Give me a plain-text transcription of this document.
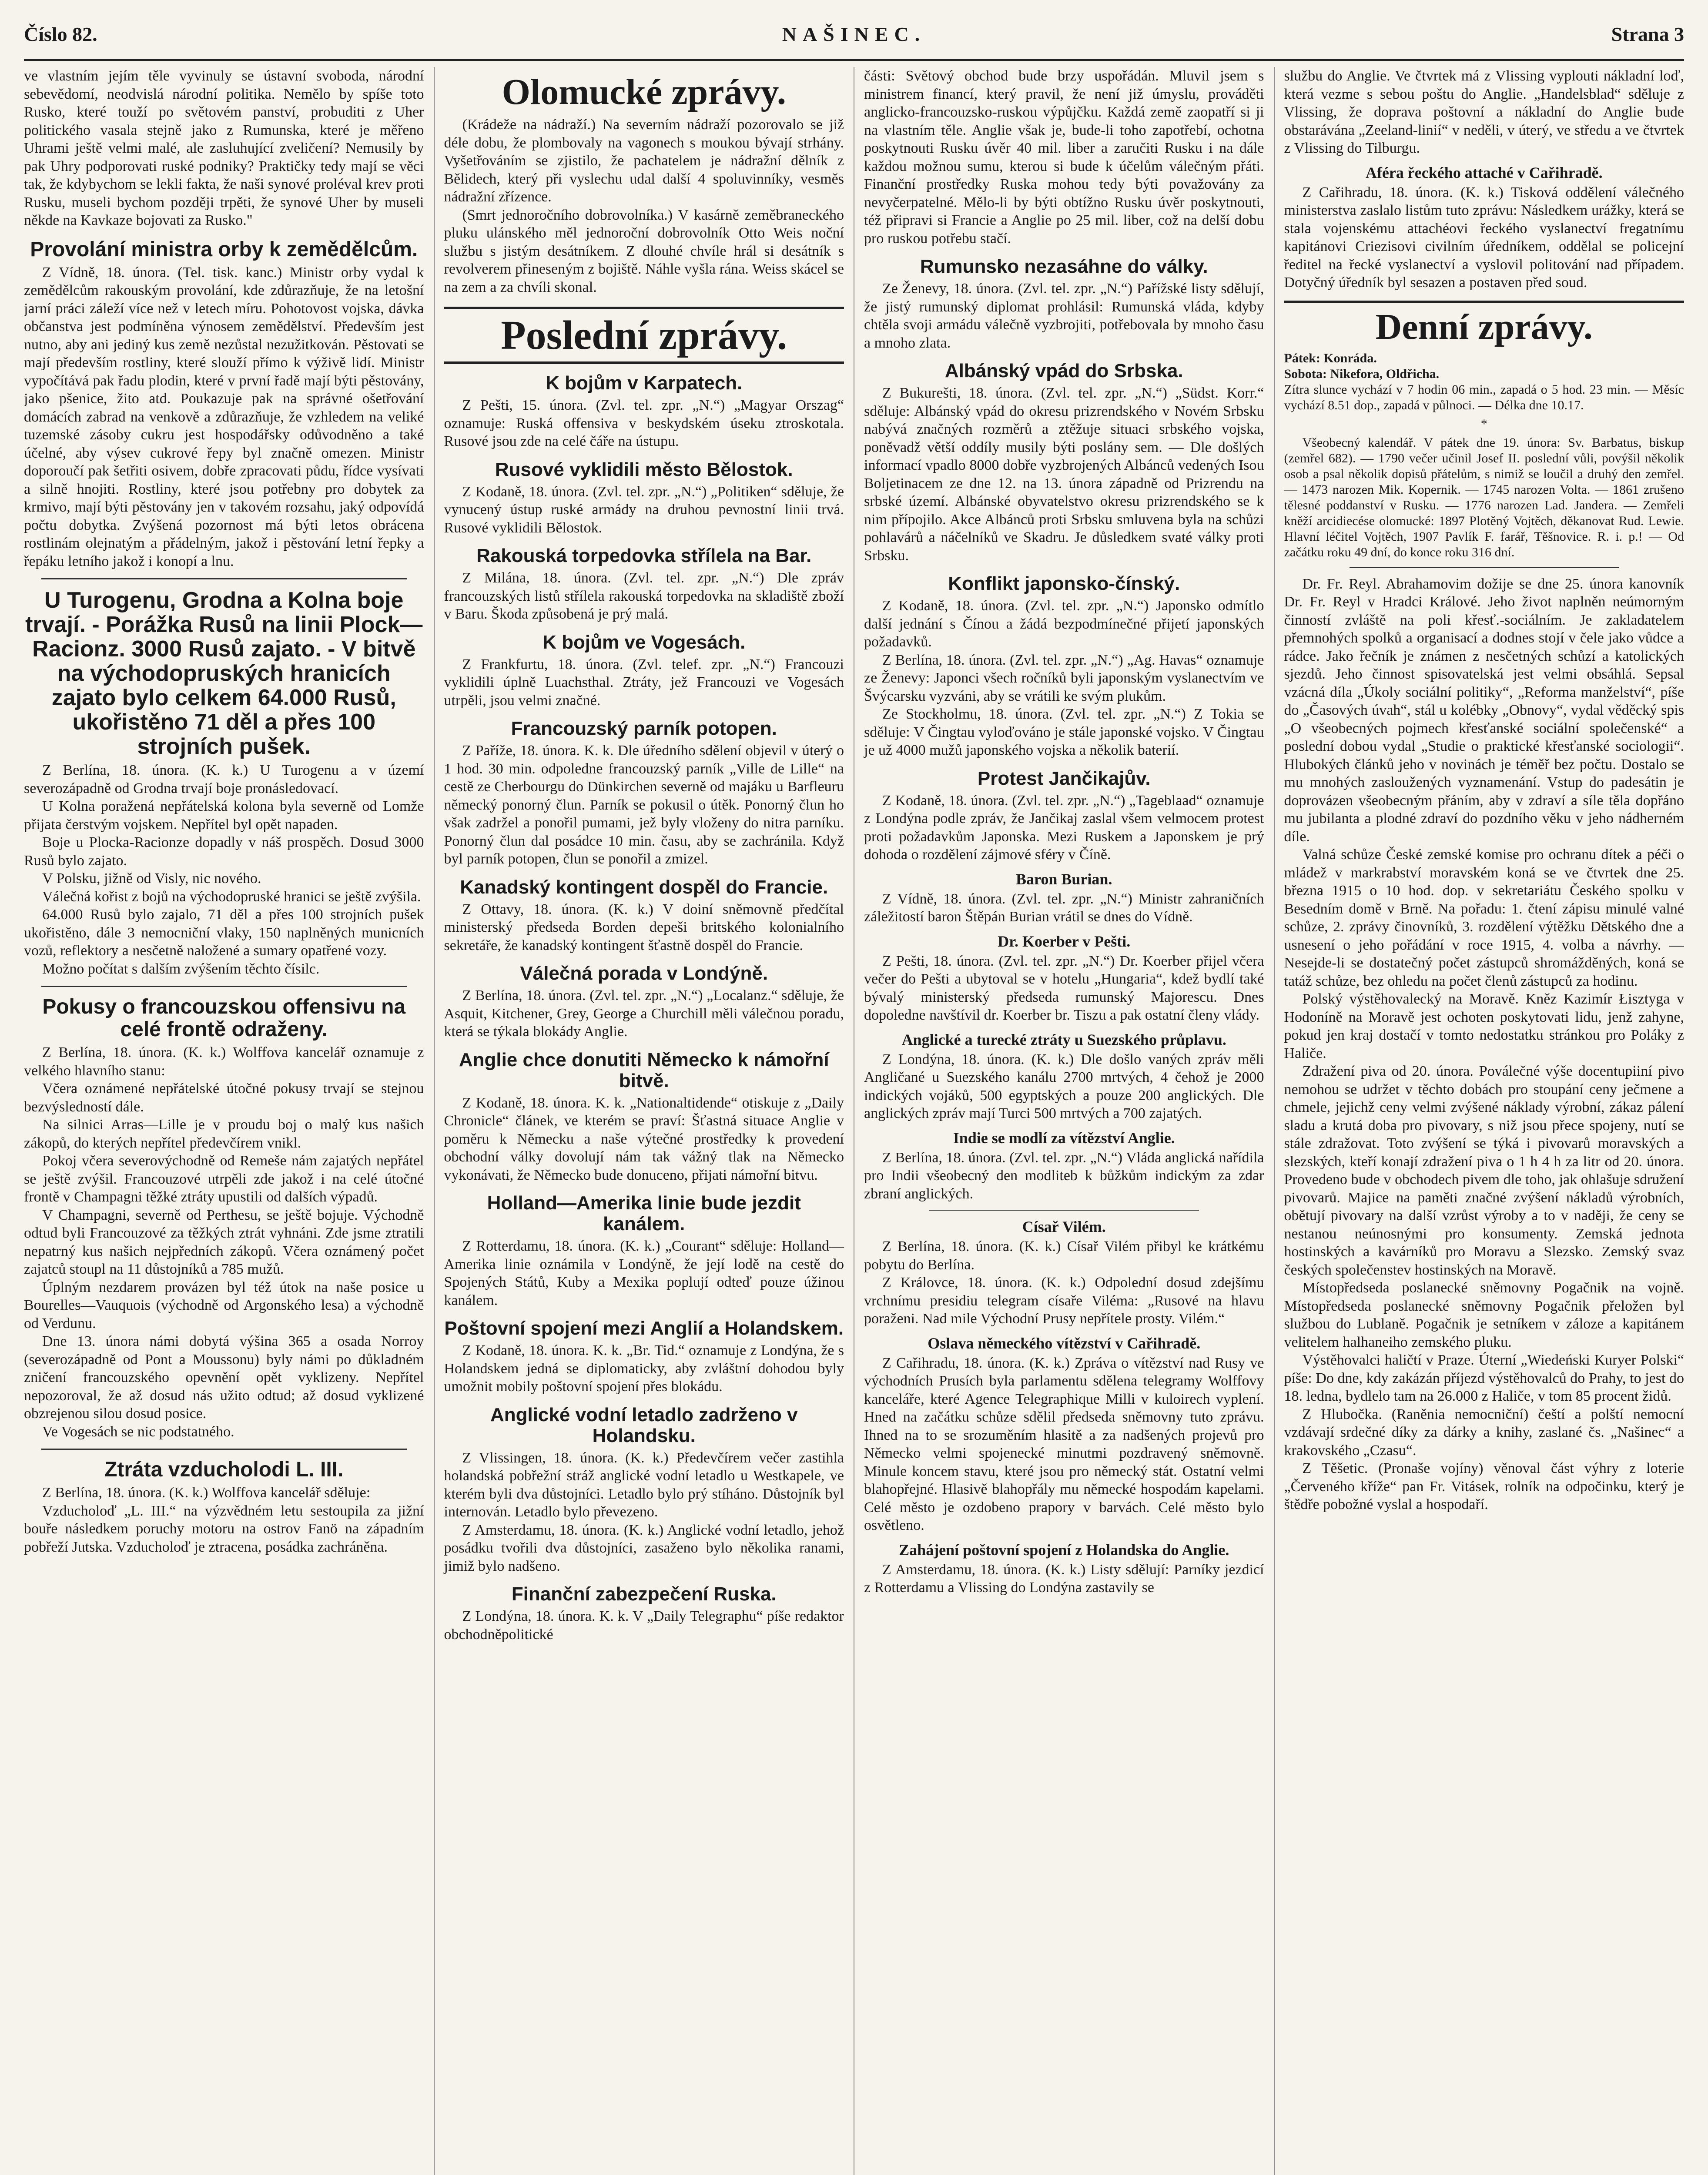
Číslo 82.	NAŠINEC.	Strana 3

ve vlastním jejím těle vyvinuly se ústavní svoboda, národní sebevědomí, neodvislá národní politika. Nemělo by spíše toto Rusko, které touží po světovém panství, probuditi z Uher politického vasala stejně jako z Rumunska, které je měřeno Uhrami ještě velmi malé, ale zasluhující zveličení? Nemusily by pak Uhry podporovati ruské podniky? Praktičky tedy mají se věci tak, že kdybychom se lekli fakta, že naši synové proléval krev proti Rusku, museli bychom později trpěti, že synové Uher by museli někde na Kavkaze bojovati za Rusko."

Provolání ministra orby k zemědělcům.

Z Vídně, 18. února. (Tel. tisk. kanc.) Ministr orby vydal k zemědělcům rakouským provolání, kde zdůrazňuje, že na letošní jarní práci záleží více než v letech míru. Pohotovost vojska, dávka občanstva jest podmíněna výnosem zemědělství. Především jest nutno, aby ani jediný kus země nezůstal nezužitkován. Pěstovati se mají především rostliny, které slouží přímo k výživě lidí. Ministr vypočítává pak řadu plodin, které v první řadě mají býti pěstovány, jako pšenice, žito atd. Poukazuje pak na správné ošetřování domácích zabrad na venkově a zdůrazňuje, že vzhledem na veliké tuzemské zásoby cukru jest hospodářsky odůvodněno a také účelné, aby výsev cukrové řepy byl značně omezen. Ministr doporoučí pak šetřiti osivem, dobře zpracovati půdu, řídce vysívati a silně hnojiti. Rostliny, které jsou potřebny pro dobytek za krmivo, mají býti pěstovány jen v takovém rozsahu, jaký odpovídá počtu dobytka. Zvýšená pozornost má býti letos obrácena rostlinám olejnatým a přádelným, jakož i pěstování letní řepky a řepáku letního jakož i konopí a lnu.

U Turogenu, Grodna a Kolna boje trvají. - Porážka Rusů na linii Plock—Racionz. 3000 Rusů zajato. - V bitvě na východopruských hranicích zajato bylo celkem 64.000 Rusů, ukořistěno 71 děl a přes 100 strojních pušek.

Z Berlína, 18. února. (K. k.) U Turogenu a v území severozápadně od Grodna trvají boje pronásledovací.

U Kolna poražená nepřátelská kolona byla severně od Lomže přijata čerstvým vojskem. Nepřítel byl opět napaden.

Boje u Plocka-Racionze dopadly v náš prospěch. Dosud 3000 Rusů bylo zajato.

V Polsku, jižně od Visly, nic nového.

Válečná kořist z bojů na východopruské hranici se ještě zvýšila.

64.000 Rusů bylo zajalo, 71 děl a přes 100 strojních pušek ukořistěno, dále 3 nemocniční vlaky, 150 naplněných municních vozů, reflektory a nesčetně naložené a sumary opatřené vozy.

Možno počítat s dalším zvýšením těchto čísilc.

Pokusy o francouzskou offensivu na celé frontě odraženy.

Z Berlína, 18. února. (K. k.) Wolffova kancelář oznamuje z velkého hlavního stanu:

Včera oznámené nepřátelské útočné pokusy trvají se stejnou bezvýsledností dále.

Na silnici Arras—Lille je v proudu boj o malý kus našich zákopů, do kterých nepřítel předevčírem vnikl.

Pokoj včera severovýchodně od Remeše nám zajatých nepřátel se ještě zvýšil. Francouzové utrpěli zde jakož i na celé útočné frontě v Champagni těžké ztráty upustili od dalších výpadů.

V Champagni, severně od Perthesu, se ještě bojuje. Východně odtud byli Francouzové za těžkých ztrát vyhnáni. Zde jsme ztratili nepatrný kus našich nejpředních zákopů. Včera oznámený počet zajatců stoupl na 11 důstojníků a 785 mužů.

Úplným nezdarem provázen byl též útok na naše posice u Bourelles—Vauquois (východně od Argonského lesa) a východně od Verdunu.

Dne 13. února námi dobytá výšina 365 a osada Norroy (severozápadně od Pont a Moussonu) byly námi po důkladném zničení francouzského opevnění opět vyklizeny. Nepřítel nepozoroval, že až dosud nás užito odtud; až dosud vyklizené obzrejenou silou dosud posice.

Ve Vogesách se nic podstatného.

Ztráta vzducholodi L. III.

Z Berlína, 18. února. (K. k.) Wolffova kancelář sděluje:

Vzducholoď „L. III.“ na výzvědném letu sestoupila za jižní bouře následkem poruchy motoru na ostrov Fanö na západním pobřeží Jutska. Vzducholoď je ztracena, posádka zachráněna.

Olomucké zprávy.

(Krádeže na nádraží.) Na severním nádraží pozorovalo se již déle dobu, že plombovaly na vagonech s moukou bývají strhány. Vyšetřováním se zjistilo, že pachatelem je nádražní dělník z Bělidech, který při vyslechu udal další 4 spoluvinníky, vesměs nádražní zřízence.

(Smrt jednoročního dobrovolníka.) V kasárně zeměbraneckého pluku ulánského měl jednoroční dobrovolník Otto Weis noční službu s jistým desátníkem. Z dlouhé chvíle hrál si desátník s revolverem přineseným z bojiště. Náhle vyšla rána. Weiss skácel se na zem a za chvíli skonal.

Poslední zprávy.
K bojům v Karpatech.

Z Pešti, 15. února. (Zvl. tel. zpr. „N.“) „Magyar Orszag“ oznamuje: Ruská offensiva v beskydském úseku ztroskotala. Rusové jsou zde na celé čáře na ústupu.

Rusové vyklidili město Bělostok.

Z Kodaně, 18. února. (Zvl. tel. zpr. „N.“) „Politiken“ sděluje, že vynucený ústup ruské armády na druhou pevnostní linii trvá. Rusové vyklidili Bělostok.

Rakouská torpedovka střílela na Bar.

Z Milána, 18. února. (Zvl. tel. zpr. „N.“) Dle zpráv francouzských listů střílela rakouská torpedovka na skladiště zboží v Baru. Škoda způsobená je prý malá.

K bojům ve Vogesách.

Z Frankfurtu, 18. února. (Zvl. telef. zpr. „N.“) Francouzi vyklidili úplně Luachsthal. Ztráty, jež Francouzi ve Vogesách utrpěli, jsou velmi značné.

Francouzský parník potopen.

Z Paříže, 18. února. K. k. Dle úředního sdělení objevil v úterý o 1 hod. 30 min. odpoledne francouzský parník „Ville de Lille“ na cestě ze Cherbourgu do Dünkirchen severně od majáku u Barfleuru německý ponorný člun. Parník se pokusil o útěk. Ponorný člun ho však zadržel a ponořil pumami, jež byly vloženy do nitra parníku. Ponorný člun dal posádce 10 min. času, aby se zachránila. Když byl parník potopen, člun se ponořil a zmizel.

Kanadský kontingent dospěl do Francie.

Z Ottavy, 18. února. (K. k.) V doiní sněmovně předčítal ministerský předseda Borden depeši britského kolonialního sekretáře, že kanadský kontingent šťastně dospěl do Francie.

Válečná porada v Londýně.

Z Berlína, 18. února. (Zvl. tel. zpr. „N.“) „Localanz.“ sděluje, že Asquit, Kitchener, Grey, George a Churchill měli válečnou poradu, která se týkala blokády Anglie.

Anglie chce donutiti Německo k námořní bitvě.

Z Kodaně, 18. února. K. k. „Nationaltidende“ otiskuje z „Daily Chronicle“ článek, ve kterém se praví: Šťastná situace Anglie v poměru k Německu a naše výtečné prostředky k provedení obchodní války dovolují nám tak vážný tlak na Německo vykonávati, že Německo bude donuceno, přijati námořní bitvu.

Holland—Amerika linie bude jezdit kanálem.

Z Rotterdamu, 18. února. (K. k.) „Courant“ sděluje: Holland—Amerika linie oznámila v Londýně, že její lodě na cestě do Spojených Států, Kuby a Mexika poplují odteď pouze úžinou kanálem.

Poštovní spojení mezi Anglií a Holandskem.

Z Kodaně, 18. února. K. k. „Br. Tid.“ oznamuje z Londýna, že s Holandskem jedná se diplomaticky, aby zvláštní dohodou byly umožnit mobily poštovní spojení přes blokádu.

Anglické vodní letadlo zadrženo v Holandsku.

Z Vlissingen, 18. února. (K. k.) Předevčírem večer zastihla holandská pobřežní stráž anglické vodní letadlo u Westkapele, ve kterém byli dva důstojníci. Letadlo bylo prý stíháno. Důstojník byl internován. Letadlo bylo převezeno.

Z Amsterdamu, 18. února. (K. k.) Anglické vodní letadlo, jehož posádku tvořili dva důstojníci, zasaženo bylo několika ranami, jimiž bylo nadšeno.

Finanční zabezpečení Ruska.

Z Londýna, 18. února. K. k. V „Daily Telegraphu“ píše redaktor obchodněpolitické

části: Světový obchod bude brzy uspořádán. Mluvil jsem s ministrem financí, který pravil, že není již úmyslu, prováděti anglicko-francouzsko-ruskou výpůjčku. Každá země zaopatří si ji na vlastním těle. Anglie však je, bude-li toho zapotřebí, ochotna poskytnouti Rusku úvěr 40 mil. liber a zaručiti Rusku i na dále každou možnou sumu, kterou si bude k účelům válečným přáti. Finanční prostředky Ruska mohou tedy býti považovány za nevyčerpatelné. Mělo-li by býti obtížno Rusku úvěr poskytnouti, též připravi si Francie a Anglie po 25 mil. liber, což na delší dobu pro ruskou potřebu stačí.

Rumunsko nezasáhne do války.

Ze Ženevy, 18. února. (Zvl. tel. zpr. „N.“) Pařížské listy sdělují, že jistý rumunský diplomat prohlásil: Rumunská vláda, kdyby chtěla svoji armádu válečně vyzbrojiti, potřebovala by mnoho času a mnoho zlata.

Albánský vpád do Srbska.

Z Bukurešti, 18. února. (Zvl. tel. zpr. „N.“) „Südst. Korr.“ sděluje: Albánský vpád do okresu prizrendského v Novém Srbsku nabývá značných rozměrů a ztěžuje situaci srbského vojska, poněvadž větší oddíly musily býti poslány sem. — Dle došlých informací vpadlo 8000 dobře vyzbrojených Albánců vedených Isou Boljetinacem ze dne 12. na 13. února západně od Prizrendu na srbské území. Albánské obyvatelstvo okresu prizrendského se k nim přípojilo. Akce Albánců proti Srbsku smluvena byla na schůzi pohlavárů a náčelníků ve Skadru. Je důsledkem svaté války proti Srbsku.

Konflikt japonsko-čínský.

Z Kodaně, 18. února. (Zvl. tel. zpr. „N.“) Japonsko odmítlo další jednání s Čínou a žádá bezpodmínečné přijetí japonských požadavků.

Z Berlína, 18. února. (Zvl. tel. zpr. „N.“) „Ag. Havas“ oznamuje ze Ženevy: Japonci všech ročníků byli japonským vyslanectvím ve Švýcarsku vyzváni, aby se vrátili ke svým plukům.

Ze Stockholmu, 18. února. (Zvl. tel. zpr. „N.“) Z Tokia se sděluje: V Čingtau vyloďováno je stále japonské vojsko. V Čingtau je už 4000 mužů japonského vojska a několik baterií.

Protest Jančikajův.

Z Kodaně, 18. února. (Zvl. tel. zpr. „N.“) „Tageblaad“ oznamuje z Londýna podle zpráv, že Jančikaj zaslal všem velmocem protest proti požadavkům Japonska. Mezi Ruskem a Japonskem je prý dohoda o rozdělení zájmové sféry v Číně.

Baron Burian.

Z Vídně, 18. února. (Zvl. tel. zpr. „N.“) Ministr zahraničních záležitostí baron Štěpán Burian vrátil se dnes do Vídně.

Dr. Koerber v Pešti.

Z Pešti, 18. února. (Zvl. tel. zpr. „N.“) Dr. Koerber přijel včera večer do Pešti a ubytoval se v hotelu „Hungaria“, kdež bydlí také bývalý ministerský předseda rumunský Majorescu. Dnes dopoledne navštívil dr. Koerber br. Tiszu a pak ostatní členy vlády.

Anglické a turecké ztráty u Suezského průplavu.

Z Londýna, 18. února. (K. k.) Dle došlo vaných zpráv měli Angličané u Suezského kanálu 2700 mrtvých, 4 čehož je 2000 indických vojáků, 500 egyptských a pouze 200 anglických. Dle anglických zpráv mají Turci 500 mrtvých a 700 zajatých.

Indie se modlí za vítězství Anglie.

Z Berlína, 18. února. (Zvl. tel. zpr. „N.“) Vláda anglická nařídila pro Indii všeobecný den modliteb k bůžkům indickým za zdar zbraní anglických.

Císař Vilém.

Z Berlína, 18. února. (K. k.) Císař Vilém přibyl ke krátkému pobytu do Berlína.

Z Královce, 18. února. (K. k.) Odpolední dosud zdejšímu vrchnímu presidiu telegram císaře Viléma: „Rusové na hlavu poraženi. Nad mile Východní Prusy nepřítele prosty. Vilém.“

Oslava německého vítězství v Cařihradě.

Z Cařihradu, 18. února. (K. k.) Zpráva o vítězství nad Rusy ve východních Prusích byla parlamentu sdělena telegramy Wolffovy kanceláře, které Agence Telegraphique Milli v kuloirech vyplení. Hned na začátku schůze sdělil předseda sněmovny tuto zprávu. Ihned na to se srozuměním hlasitě a za nadšených projevů pro Německo velmi spojenecké minutmi pozdravený sněmovně. Minule koncem stavu, které jsou pro německý stát. Ostatní velmi blahopřejné. Hlasivě blahopřály mu německé hospodám kapelami. Celé město je ozdobeno prapory v barvách. Celé město bylo osvětleno.

Zahájení poštovní spojení z Holandska do Anglie.

Z Amsterdamu, 18. února. (K. k.) Listy sdělují: Parníky jezdicí z Rotterdamu a Vlissing do Londýna zastavily se

službu do Anglie. Ve čtvrtek má z Vlissing vyplouti nákladní loď, která vezme s sebou poštu do Anglie. „Handelsblad“ sděluje z Vlissing, že doprava poštovní a nákladní do Anglie bude obstarávána „Zeeland-linií“ v neděli, v úterý, ve středu a ve čtvrtek z Vlissing do Tilburgu.

Aféra řeckého attaché v Cařihradě.

Z Cařihradu, 18. února. (K. k.) Tisková oddělení válečného ministerstva zaslalo listům tuto zprávu: Následkem urážky, která se stala vojenskému attachéovi řeckého vyslanectví fregatnímu kapitánovi Criezisovi civilním úředníkem, oddělal se policejní ředitel na řecké vyslanectví a vyslovil politování nad případem. Dotyčný úředník byl sesazen a postaven před soud.

Denní zprávy.

Pátek: Konráda.

Sobota: Nikefora, Oldřicha.

Zítra slunce vychází v 7 hodin 06 min., zapadá o 5 hod. 23 min. — Měsíc vychází 8.51 dop., zapadá v půlnoci. — Délka dne 10.17.

*

Všeobecný kalendář. V pátek dne 19. února: Sv. Barbatus, biskup (zemřel 682). — 1790 večer učinil Josef II. poslední vůli, povýšil několik osob a psal několik dopisů přátelům, s nimiž se loučil a druhý den zemřel. — 1473 narozen Mik. Kopernik. — 1745 narozen Volta. — 1861 zrušeno tělesné poddanství v Rusku. — 1776 narozen Lad. Jandera. — Zemřeli kněží arcidiecése olomucké: 1897 Plotěný Vojtěch, děkanovat Rud. Lewie. Hlavní léčitel Vojtěch, 1907 Pavlík F. farář, Těšnovice. R. i. p.! — Od začátku roku 49 dní, do konce roku 316 dní.

Dr. Fr. Reyl. Abrahamovim dožije se dne 25. února kanovník Dr. Fr. Reyl v Hradci Králové. Jeho život naplněn neúmorným činností zvláště na poli křesť.-sociálním. Je zakladatelem přemnohých spolků a organisací a dodnes stojí v čele jako vůdce a rádce. Jako řečník je známen z nesčetných schůzí a katolických sjezdů. Jeho činnost spisovatelská jest velmi obsáhlá. Sepsal vzácná díla „Úkoly sociální politiky“, „Reforma manželství“, píše do „Časových úvah“, stál u kolébky „Obnovy“, vydal věděcký spis „O všeobecných pojmech křesťanské sociální společenské“ a poslední dobou vydal „Studie o praktické křesťanské sociologii“. Hlubokých článků jeho v novinách je téměř bez počtu. Dostalo se mu mnohých zasloužených vyznamenání. Vstup do padesátin je doprovázen všeobecným přáním, aby v zdraví a síle těla dopřáno mu jubilanta a plodné zdraví do pozdního věku v jeho nádherném díle.

Valná schůze České zemské komise pro ochranu dítek a péči o mládež v markrabství moravském koná se ve čtvrtek dne 25. března 1915 o 10 hod. dop. v sekretariátu Českého spolku v Besedním domě v Brně. Na pořadu: 1. čtení zápisu minulé valné schůze, 2. zprávy činovníků, 3. rozdělení výtěžku Dětského dne a usnesení o jeho pořádání v roce 1915, 4. volba a návrhy. — Nesejde-li se dostatečný počet zástupců shromážděných, koná se tatáž schůze, bez ohledu na počet členů zástupců za hodinu.

Polský výstěhovalecký na Moravě. Kněz Kazimír Łisztyga v Hodoníně na Moravě jest ochoten poskytovati lidu, jenž zahyne, pokud jen kraj dostačí v tomto nedostatku stránkou pro Poláky z Haliče.

Zdražení piva od 20. února. Poválečné výše docentupiiní pivo nemohou se udržet v těchto dobách pro stoupání ceny ječmene a chmele, jejichž ceny velmi zvýšené náklady výrobní, zákaz pálení sladu a krutá doba pro pivovary, s niž jsou přece spojeny, nutí se stále zdražovat. Toto zvýšení se týká i pivovarů moravských a slezských, kteří konají zdražení piva o 1 h 4 h za litr od 20. února. Provedeno bude v obchodech pivem dle toho, jak ohlašuje sdružení pivovarů. Majice na paměti značné zvýšení nákladů výrobních, obětují pivovary na další vzrůst výroby a to v naději, že ceny se nestanou neúnosnými pro konsumenty. Zemská jednota hostinských a kavárníků pro Moravu a Slezsko. Zemský svaz českých společenstev hostinských na Moravě.

Místopředseda poslanecké sněmovny Pogačnik na vojně. Místopředseda poslanecké sněmovny Pogačnik přeložen byl službou do Lublaně. Pogačnik je setníkem v záloze a kapitánem velitelem halhaneiho zemského pluku.

Výstěhovalci haličtí v Praze. Úterní „Wiedeński Kuryer Polski“ píše: Do dne, kdy zakázán příjezd výstěhovalců do Prahy, to jest do 18. ledna, bydlelo tam na 26.000 z Haliče, v tom 85 procent židů.

Z Hlubočka. (Raněnia nemocniční) čeští a polští nemocní vzdávají srdečné díky za dárky a knihy, zaslané čs. „Našinec“ a krakovského „Czasu“.

Z Těšetic. (Pronaše vojíny) věnoval část výhry z loterie „Červeného kříže“ pan Fr. Vitásek, rolník na odpočinku, který je štědře pobožné vyslal a hospodaří.
